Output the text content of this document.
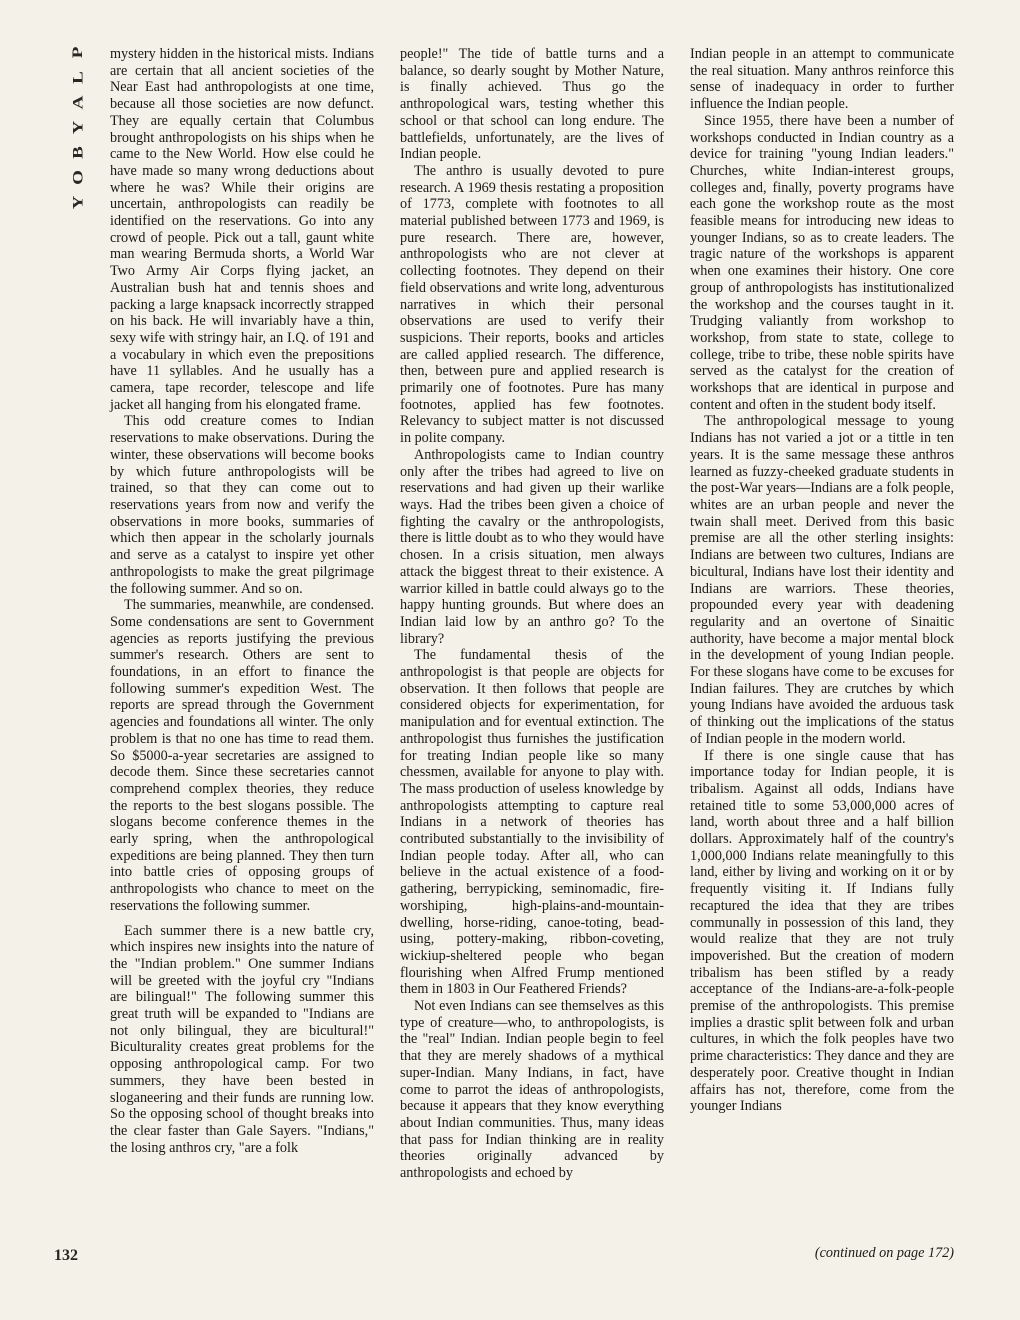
P
L
A
Y
B
O
Y

mystery hidden in the historical mists. Indians are certain that all ancient societies of the Near East had anthropologists at one time, because all those societies are now defunct. They are equally certain that Columbus brought anthropologists on his ships when he came to the New World. How else could he have made so many wrong deductions about where he was? While their origins are uncertain, anthropologists can readily be identified on the reservations. Go into any crowd of people. Pick out a tall, gaunt white man wearing Bermuda shorts, a World War Two Army Air Corps flying jacket, an Australian bush hat and tennis shoes and packing a large knapsack incorrectly strapped on his back. He will invariably have a thin, sexy wife with stringy hair, an I.Q. of 191 and a vocabulary in which even the prepositions have 11 syllables. And he usually has a camera, tape recorder, telescope and life jacket all hanging from his elongated frame.

This odd creature comes to Indian reservations to make observations. During the winter, these observations will become books by which future anthropologists will be trained, so that they can come out to reservations years from now and verify the observations in more books, summaries of which then appear in the scholarly journals and serve as a catalyst to inspire yet other anthropologists to make the great pilgrimage the following summer. And so on.

The summaries, meanwhile, are condensed. Some condensations are sent to Government agencies as reports justifying the previous summer's research. Others are sent to foundations, in an effort to finance the following summer's expedition West. The reports are spread through the Government agencies and foundations all winter. The only problem is that no one has time to read them. So $5000-a-year secretaries are assigned to decode them. Since these secretaries cannot comprehend complex theories, they reduce the reports to the best slogans possible. The slogans become conference themes in the early spring, when the anthropological expeditions are being planned. They then turn into battle cries of opposing groups of anthropologists who chance to meet on the reservations the following summer.

Each summer there is a new battle cry, which inspires new insights into the nature of the "Indian problem." One summer Indians will be greeted with the joyful cry "Indians are bilingual!" The following summer this great truth will be expanded to "Indians are not only bilingual, they are bicultural!" Biculturality creates great problems for the opposing anthropological camp. For two summers, they have been bested in sloganeering and their funds are running low. So the opposing school of thought breaks into the clear faster than Gale Sayers. "Indians," the losing anthros cry, "are a folk

people!" The tide of battle turns and a balance, so dearly sought by Mother Nature, is finally achieved. Thus go the anthropological wars, testing whether this school or that school can long endure. The battlefields, unfortunately, are the lives of Indian people.

The anthro is usually devoted to pure research. A 1969 thesis restating a proposition of 1773, complete with footnotes to all material published between 1773 and 1969, is pure research. There are, however, anthropologists who are not clever at collecting footnotes. They depend on their field observations and write long, adventurous narratives in which their personal observations are used to verify their suspicions. Their reports, books and articles are called applied research. The difference, then, between pure and applied research is primarily one of footnotes. Pure has many footnotes, applied has few footnotes. Relevancy to subject matter is not discussed in polite company.

Anthropologists came to Indian country only after the tribes had agreed to live on reservations and had given up their warlike ways. Had the tribes been given a choice of fighting the cavalry or the anthropologists, there is little doubt as to who they would have chosen. In a crisis situation, men always attack the biggest threat to their existence. A warrior killed in battle could always go to the happy hunting grounds. But where does an Indian laid low by an anthro go? To the library?

The fundamental thesis of the anthropologist is that people are objects for observation. It then follows that people are considered objects for experimentation, for manipulation and for eventual extinction. The anthropologist thus furnishes the justification for treating Indian people like so many chessmen, available for anyone to play with. The mass production of useless knowledge by anthropologists attempting to capture real Indians in a network of theories has contributed substantially to the invisibility of Indian people today. After all, who can believe in the actual existence of a food-gathering, berrypicking, seminomadic, fire-worshiping, high-plains-and-mountain-dwelling, horse-riding, canoe-toting, bead-using, pottery-making, ribbon-coveting, wickiup-sheltered people who began flourishing when Alfred Frump mentioned them in 1803 in Our Feathered Friends?

Not even Indians can see themselves as this type of creature—who, to anthropologists, is the "real" Indian. Indian people begin to feel that they are merely shadows of a mythical super-Indian. Many Indians, in fact, have come to parrot the ideas of anthropologists, because it appears that they know everything about Indian communities. Thus, many ideas that pass for Indian thinking are in reality theories originally advanced by anthropologists and echoed by

Indian people in an attempt to communicate the real situation. Many anthros reinforce this sense of inadequacy in order to further influence the Indian people.

Since 1955, there have been a number of workshops conducted in Indian country as a device for training "young Indian leaders." Churches, white Indian-interest groups, colleges and, finally, poverty programs have each gone the workshop route as the most feasible means for introducing new ideas to younger Indians, so as to create leaders. The tragic nature of the workshops is apparent when one examines their history. One core group of anthropologists has institutionalized the workshop and the courses taught in it. Trudging valiantly from workshop to workshop, from state to state, college to college, tribe to tribe, these noble spirits have served as the catalyst for the creation of workshops that are identical in purpose and content and often in the student body itself.

The anthropological message to young Indians has not varied a jot or a tittle in ten years. It is the same message these anthros learned as fuzzy-cheeked graduate students in the post-War years—Indians are a folk people, whites are an urban people and never the twain shall meet. Derived from this basic premise are all the other sterling insights: Indians are between two cultures, Indians are bicultural, Indians have lost their identity and Indians are warriors. These theories, propounded every year with deadening regularity and an overtone of Sinaitic authority, have become a major mental block in the development of young Indian people. For these slogans have come to be excuses for Indian failures. They are crutches by which young Indians have avoided the arduous task of thinking out the implications of the status of Indian people in the modern world.

If there is one single cause that has importance today for Indian people, it is tribalism. Against all odds, Indians have retained title to some 53,000,000 acres of land, worth about three and a half billion dollars. Approximately half of the country's 1,000,000 Indians relate meaningfully to this land, either by living and working on it or by frequently visiting it. If Indians fully recaptured the idea that they are tribes communally in possession of this land, they would realize that they are not truly impoverished. But the creation of modern tribalism has been stifled by a ready acceptance of the Indians-are-a-folk-people premise of the anthropologists. This premise implies a drastic split between folk and urban cultures, in which the folk peoples have two prime characteristics: They dance and they are desperately poor. Creative thought in Indian affairs has not, therefore, come from the younger Indians

132	(continued on page 172)
